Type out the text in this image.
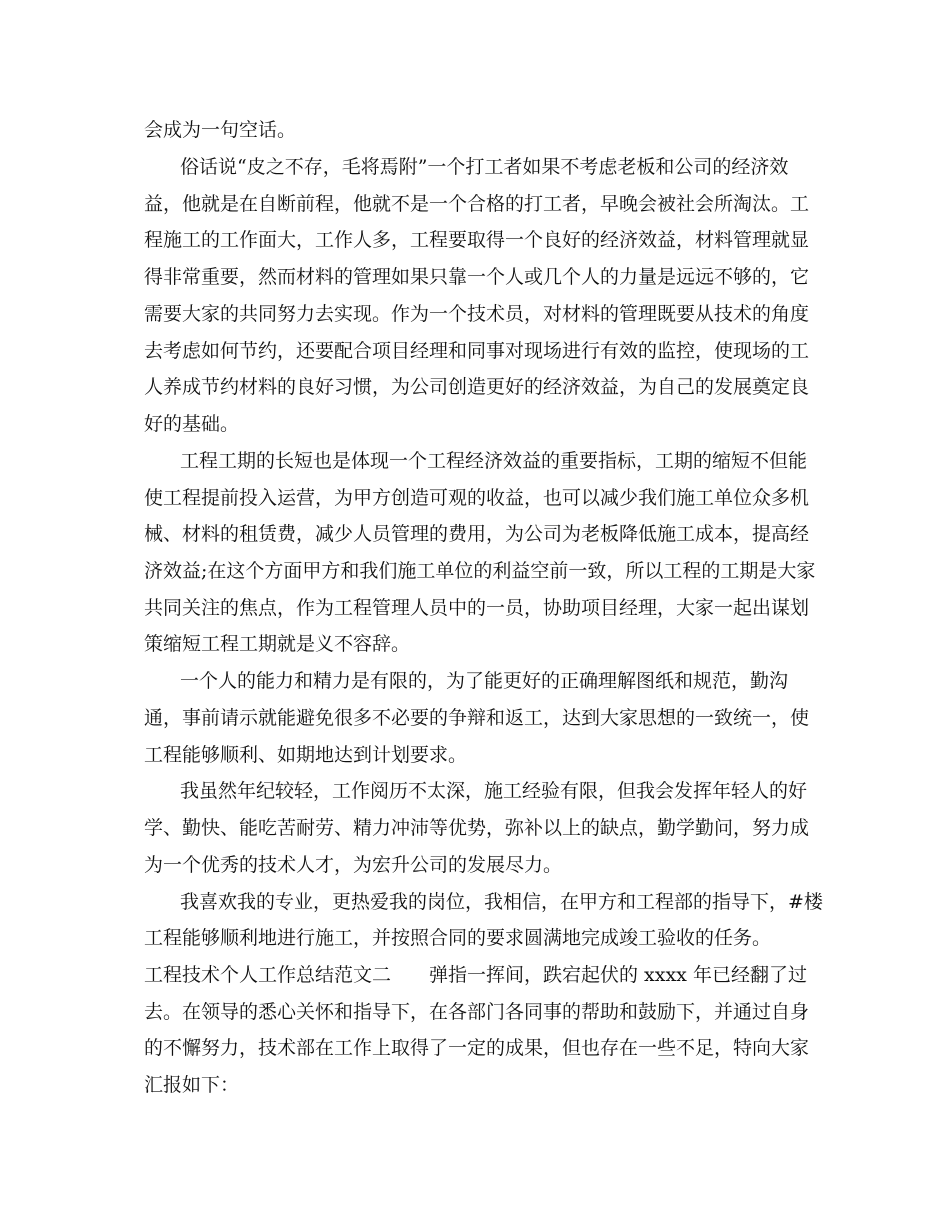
会成为一句空话。
俗话说“皮之不存，毛将焉附”一个打工者如果不考虑老板和公司的经济效
益，他就是在自断前程，他就不是一个合格的打工者，早晚会被社会所淘汰。工
程施工的工作面大，工作人多，工程要取得一个良好的经济效益，材料管理就显
得非常重要，然而材料的管理如果只靠一个人或几个人的力量是远远不够的，它
需要大家的共同努力去实现。作为一个技术员，对材料的管理既要从技术的角度
去考虑如何节约，还要配合项目经理和同事对现场进行有效的监控，使现场的工
人养成节约材料的良好习惯，为公司创造更好的经济效益，为自己的发展奠定良
好的基础。
工程工期的长短也是体现一个工程经济效益的重要指标，工期的缩短不但能
使工程提前投入运营，为甲方创造可观的收益，也可以减少我们施工单位众多机
械、材料的租赁费，减少人员管理的费用，为公司为老板降低施工成本，提高经
济效益;在这个方面甲方和我们施工单位的利益空前一致，所以工程的工期是大家
共同关注的焦点，作为工程管理人员中的一员，协助项目经理，大家一起出谋划
策缩短工程工期就是义不容辞。
一个人的能力和精力是有限的，为了能更好的正确理解图纸和规范，勤沟
通，事前请示就能避免很多不必要的争辩和返工，达到大家思想的一致统一，使
工程能够顺利、如期地达到计划要求。
我虽然年纪较轻，工作阅历不太深，施工经验有限，但我会发挥年轻人的好
学、勤快、能吃苦耐劳、精力冲沛等优势，弥补以上的缺点，勤学勤问，努力成
为一个优秀的技术人才，为宏升公司的发展尽力。
我喜欢我的专业，更热爱我的岗位，我相信，在甲方和工程部的指导下，#楼
工程能够顺利地进行施工，并按照合同的要求圆满地完成竣工验收的任务。
工程技术个人工作总结范文二　　弹指一挥间，跌宕起伏的 xxxx 年已经翻了过
去。在领导的悉心关怀和指导下，在各部门各同事的帮助和鼓励下，并通过自身
的不懈努力，技术部在工作上取得了一定的成果，但也存在一些不足，特向大家
汇报如下：
